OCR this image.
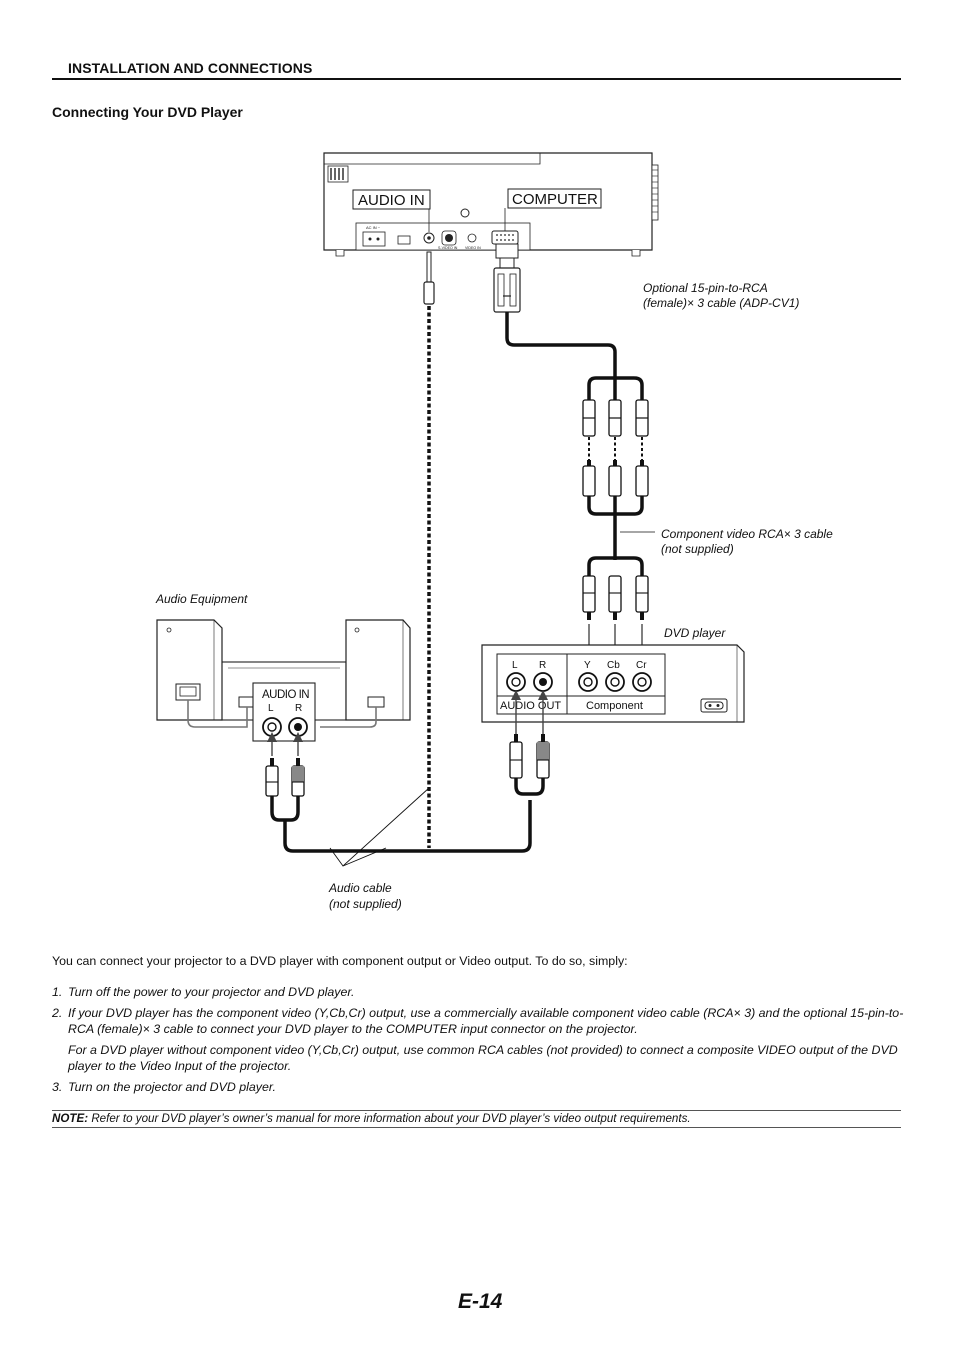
INSTALLATION AND CONNECTIONS
Connecting Your DVD Player
AC IN ~
S-VIDEO IN VIDEO IN
AUDIO IN	COMPUTER
L R	Y Cb Cr
AUDIO OUT Component
AUDIO IN
L R
Optional 15-pin-to-RCA
(female)× 3 cable (ADP-CV1)
Component video RCA× 3 cable
(not supplied)
Audio Equipment
DVD player
Audio cable
(not supplied)
You can connect your projector to a DVD player with component output or Video output. To do so, simply:
1. Turn off the power to your projector and DVD player.
2. If your DVD player has the component video (Y,Cb,Cr) output, use a commercially available component video cable (RCA× 3) and the optional 15-pin-to-RCA (female)× 3 cable to connect your DVD player to the COMPUTER input connector on the projector.
For a DVD player without component video (Y,Cb,Cr) output, use common RCA cables (not provided) to connect a composite VIDEO output of the DVD player to the Video Input of the projector.
3. Turn on the projector and DVD player.
NOTE: Refer to your DVD player’s owner’s manual for more information about your DVD player’s video output requirements.
E-14
